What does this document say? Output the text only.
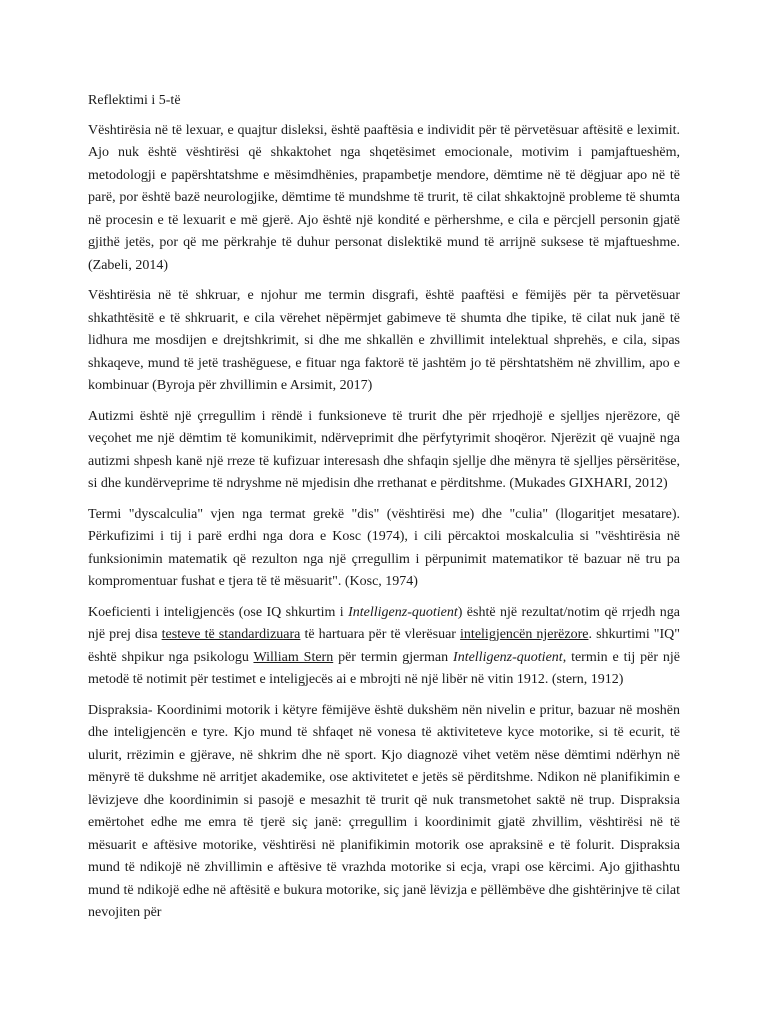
Reflektimi i 5-të

Vështirësia në të lexuar, e quajtur disleksi, është paaftësia e individit për të përvetësuar aftësitë e leximit. Ajo nuk është vështirësi që shkaktohet nga shqetësimet emocionale, motivim i pamjaftueshëm, metodologji e papërshtatshme e mësimdhënies, prapambetje mendore, dëmtime në të dëgjuar apo në të parë, por është bazë neurologjike, dëmtime të mundshme të trurit, të cilat shkaktojnë probleme të shumta në procesin e të lexuarit e më gjerë. Ajo është një kondité e përhershme, e cila e përcjell personin gjatë gjithë jetës, por që me përkrahje të duhur personat dislektikë mund të arrijnë suksese të mjaftueshme. (Zabeli, 2014)

Vështirësia në të shkruar, e njohur me termin disgrafi, është paaftësi e fëmijës për ta përvetësuar shkathtësitë e të shkruarit, e cila vërehet nëpërmjet gabimeve të shumta dhe tipike, të cilat nuk janë të lidhura me mosdijen e drejtshkrimit, si dhe me shkallën e zhvillimit intelektual shprehës, e cila, sipas shkaqeve, mund të jetë trashëguese, e fituar nga faktorë të jashtëm jo të përshtatshëm në zhvillim, apo e kombinuar (Byroja për zhvillimin e Arsimit, 2017)

Autizmi është një çrregullim i rëndë i funksioneve të trurit dhe për rrjedhojë e sjelljes njerëzore, që veçohet me një dëmtim të komunikimit, ndërveprimit dhe përfytyrimit shoqëror. Njerëzit që vuajnë nga autizmi shpesh kanë një rreze të kufizuar interesash dhe shfaqin sjellje dhe mënyra të sjelljes përsëritëse, si dhe kundërveprime të ndryshme në mjedisin dhe rrethanat e përditshme. (Mukades GIXHARI, 2012)

Termi "dyscalculia" vjen nga termat grekë "dis" (vështirësi me) dhe "culia" (llogaritjet mesatare). Përkufizimi i tij i parë erdhi nga dora e Kosc (1974), i cili përcaktoi moskalculia si "vështirësia në funksionimin matematik që rezulton nga një çrregullim i përpunimit matematikor të bazuar në tru pa kompromentuar fushat e tjera të të mësuarit". (Kosc, 1974)

Koeficienti i inteligjencës (ose IQ shkurtim i Intelligenz-quotient) është një rezultat/notim që rrjedh nga një prej disa testeve të standardizuara të hartuara për të vlerësuar inteligjencën njerëzore. shkurtimi "IQ" është shpikur nga psikologu William Stern për termin gjerman Intelligenz-quotient, termin e tij për një metodë të notimit për testimet e inteligjecës ai e mbrojti në një libër në vitin 1912. (stern, 1912)

Dispraksia- Koordinimi motorik i këtyre fëmijëve është dukshëm nën nivelin e pritur, bazuar në moshën dhe inteligjencën e tyre. Kjo mund të shfaqet në vonesa të aktiviteteve kyce motorike, si të ecurit, të ulurit, rrëzimin e gjërave, në shkrim dhe në sport. Kjo diagnozë vihet vetëm nëse dëmtimi ndërhyn në mënyrë të dukshme në arritjet akademike, ose aktivitetet e jetës së përditshme. Ndikon në planifikimin e lëvizjeve dhe koordinimin si pasojë e mesazhit të trurit që nuk transmetohet saktë në trup. Dispraksia emërtohet edhe me emra të tjerë siç janë: çrregullim i koordinimit gjatë zhvillim, vështirësi në të mësuarit e aftësive motorike, vështirësi në planifikimin motorik ose apraksinë e të folurit. Dispraksia mund të ndikojë në zhvillimin e aftësive të vrazhda motorike si ecja, vrapi ose kërcimi. Ajo gjithashtu mund të ndikojë edhe në aftësitë e bukura motorike, siç janë lëvizja e pëllëmbëve dhe gishtërinjve të cilat nevojiten për
